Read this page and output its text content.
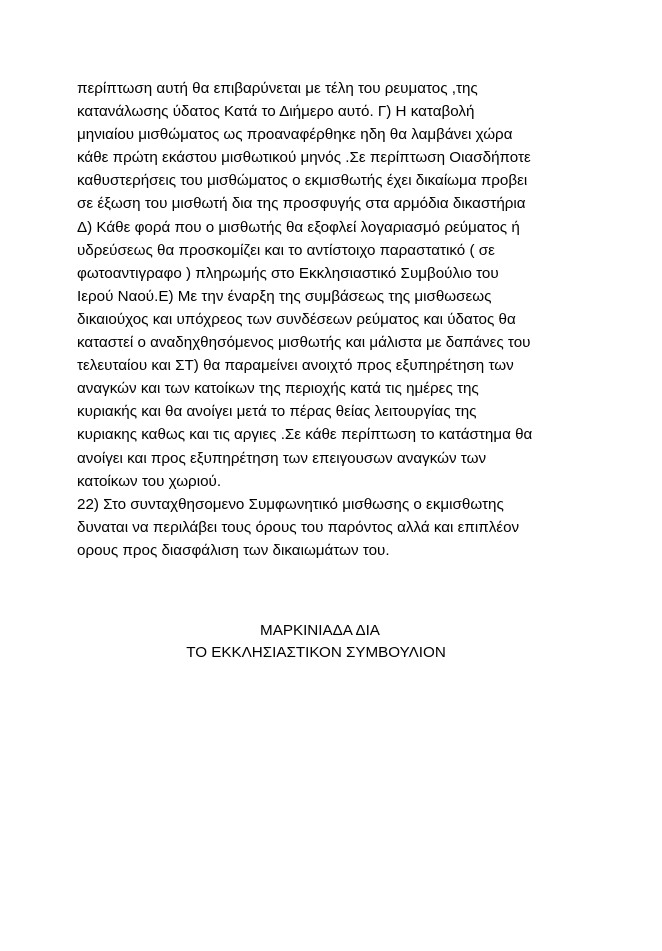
περίπτωση αυτή θα επιβαρύνεται με τέλη του ρευματος ,της
κατανάλωσης ύδατος Κατά το Διήμερο αυτό. Γ) Η καταβολή
μηνιαίου μισθώματος ως προαναφέρθηκε ηδη θα λαμβάνει χώρα
κάθε πρώτη εκάστου μισθωτικού μηνός .Σε περίπτωση Οιασδήποτε
καθυστερήσεις του μισθώματος ο εκμισθωτής έχει δικαίωμα προβει
σε έξωση του μισθωτή δια της προσφυγής στα αρμόδια δικαστήρια
Δ) Κάθε φορά που ο μισθωτής θα εξοφλεί λογαριασμό ρεύματος ή
υδρεύσεως θα προσκομίζει και το αντίστοιχο παραστατικό ( σε
φωτοαντιγραφο ) πληρωμής στο Εκκλησιαστικό Συμβούλιο του
Ιερού Ναού.Ε) Με την έναρξη της συμβάσεως της μισθωσεως
δικαιούχος και υπόχρεος των συνδέσεων ρεύματος και ύδατος θα
καταστεί ο αναδηχθησόμενος μισθωτής και μάλιστα με δαπάνες του
τελευταίου και ΣΤ) θα παραμείνει ανοιχτό προς εξυπηρέτηση των
αναγκών και των κατοίκων της περιοχής κατά τις ημέρες της
κυριακής και θα ανοίγει μετά το πέρας θείας λειτουργίας της
κυριακης καθως και τις αργιες .Σε κάθε περίπτωση το κατάστημα θα
ανοίγει και προς εξυπηρέτηση των επειγουσων αναγκών των
κατοίκων του χωριού.
22) Στο συνταχθησομενο Συμφωνητικό μισθωσης ο εκμισθωτης
δυναται να περιλάβει τους όρους του παρόντος αλλά και επιπλέον
ορους προς διασφάλιση των δικαιωμάτων του.
ΜΑΡΚΙΝΙΑΔΑ ΔΙΑ
ΤΟ ΕΚΚΛΗΣΙΑΣΤΙΚΟΝ ΣΥΜΒΟΥΛΙΟΝ
